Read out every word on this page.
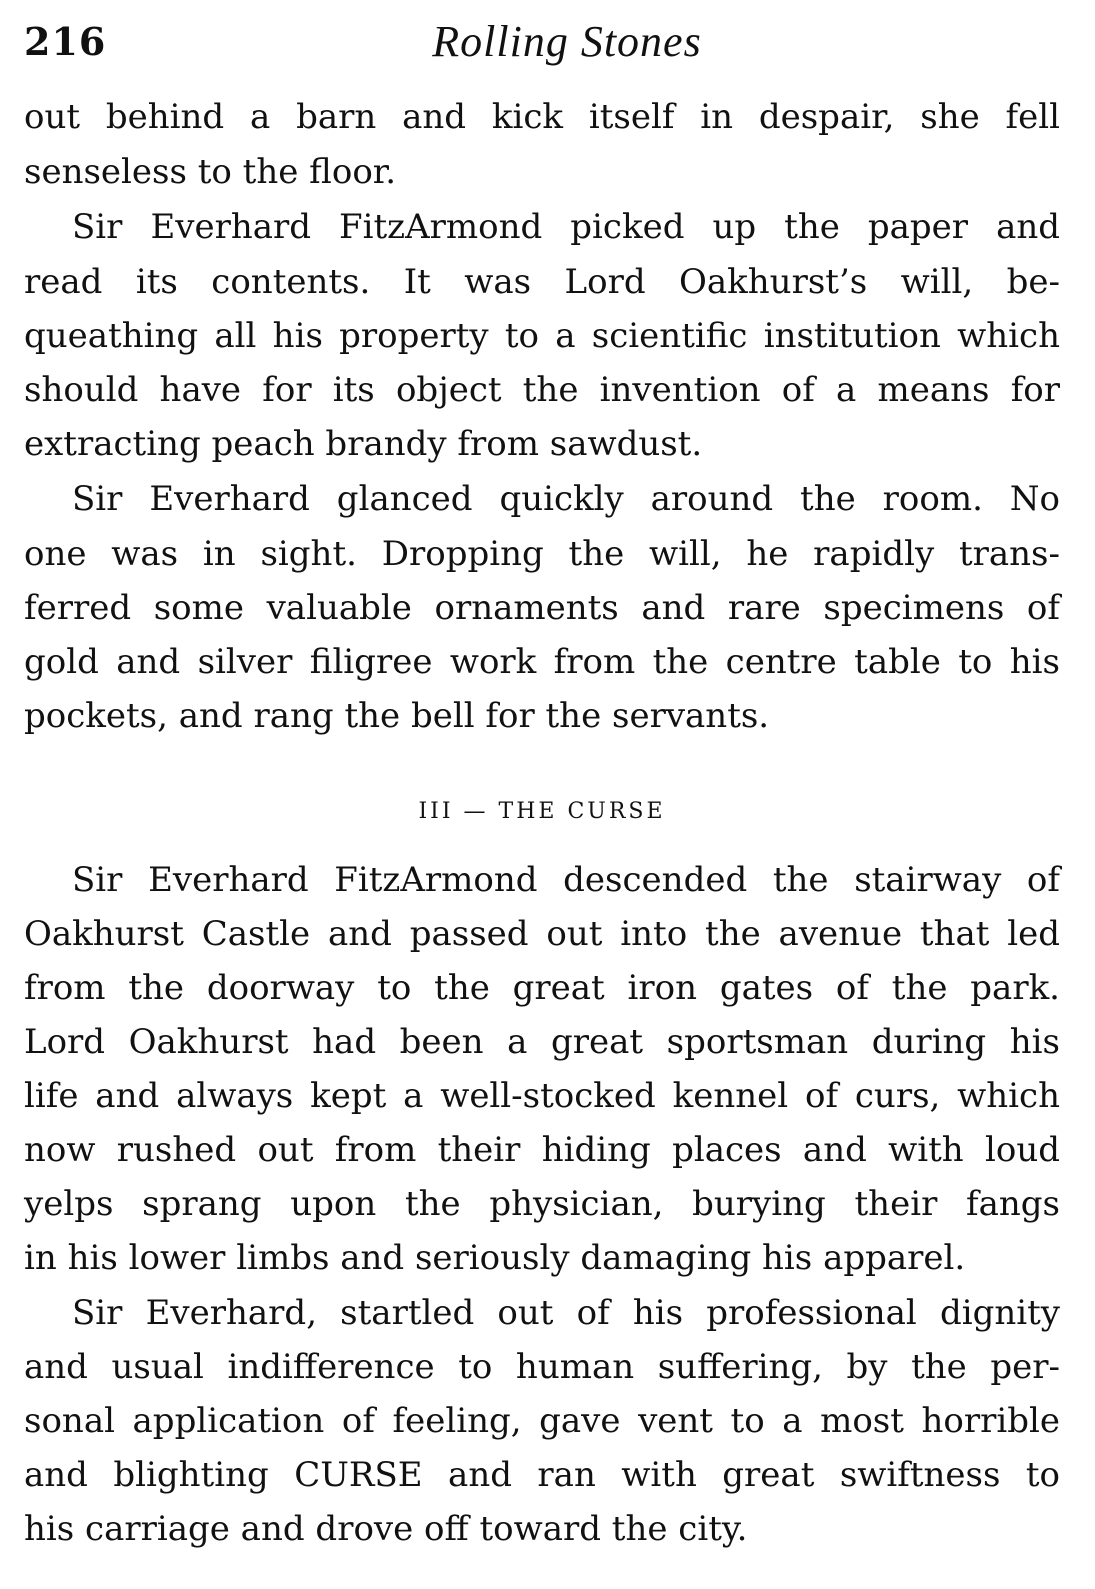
216	Rolling Stones
out behind a barn and kick itself in despair, she fell
senseless to the floor.
Sir Everhard FitzArmond picked up the paper and
read its contents. It was Lord Oakhurst’s will, be-
queathing all his property to a scientific institution which
should have for its object the invention of a means for
extracting peach brandy from sawdust.
Sir Everhard glanced quickly around the room. No
one was in sight. Dropping the will, he rapidly trans-
ferred some valuable ornaments and rare specimens of
gold and silver filigree work from the centre table to his
pockets, and rang the bell for the servants.
III — THE CURSE
Sir Everhard FitzArmond descended the stairway of
Oakhurst Castle and passed out into the avenue that led
from the doorway to the great iron gates of the park.
Lord Oakhurst had been a great sportsman during his
life and always kept a well-stocked kennel of curs, which
now rushed out from their hiding places and with loud
yelps sprang upon the physician, burying their fangs
in his lower limbs and seriously damaging his apparel.
Sir Everhard, startled out of his professional dignity
and usual indifference to human suffering, by the per-
sonal application of feeling, gave vent to a most horrible
and blighting CURSE and ran with great swiftness to
his carriage and drove off toward the city.
